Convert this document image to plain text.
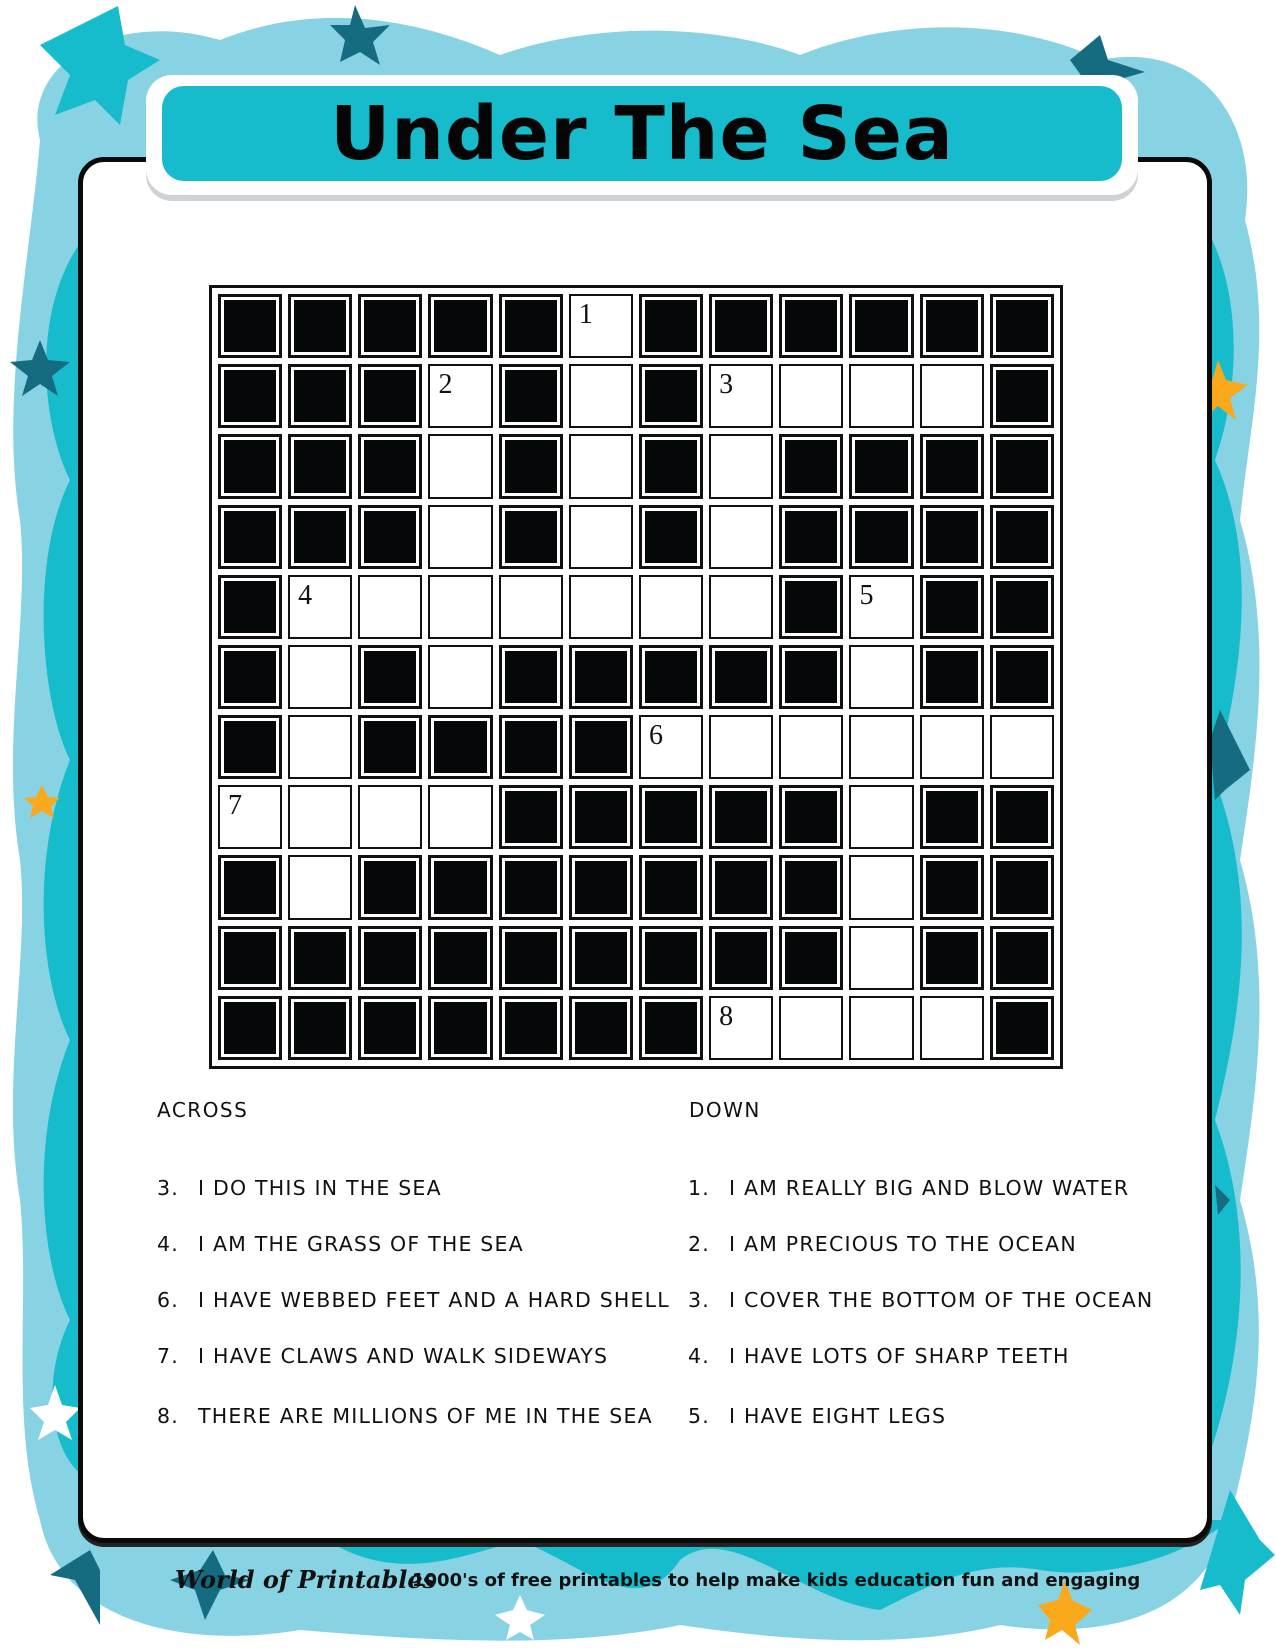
Under The Sea
1
2	3
4	5
6
7
8
ACROSS	DOWN
3. I DO THIS IN THE SEA
4. I AM THE GRASS OF THE SEA
6. I HAVE WEBBED FEET AND A HARD SHELL
7. I HAVE CLAWS AND WALK SIDEWAYS
8. THERE ARE MILLIONS OF ME IN THE SEA
1. I AM REALLY BIG AND BLOW WATER
2. I AM PRECIOUS TO THE OCEAN
3. I COVER THE BOTTOM OF THE OCEAN
4. I HAVE LOTS OF SHARP TEETH
5. I HAVE EIGHT LEGS
World of Printables
1000's of free printables to help make kids education fun and engaging
